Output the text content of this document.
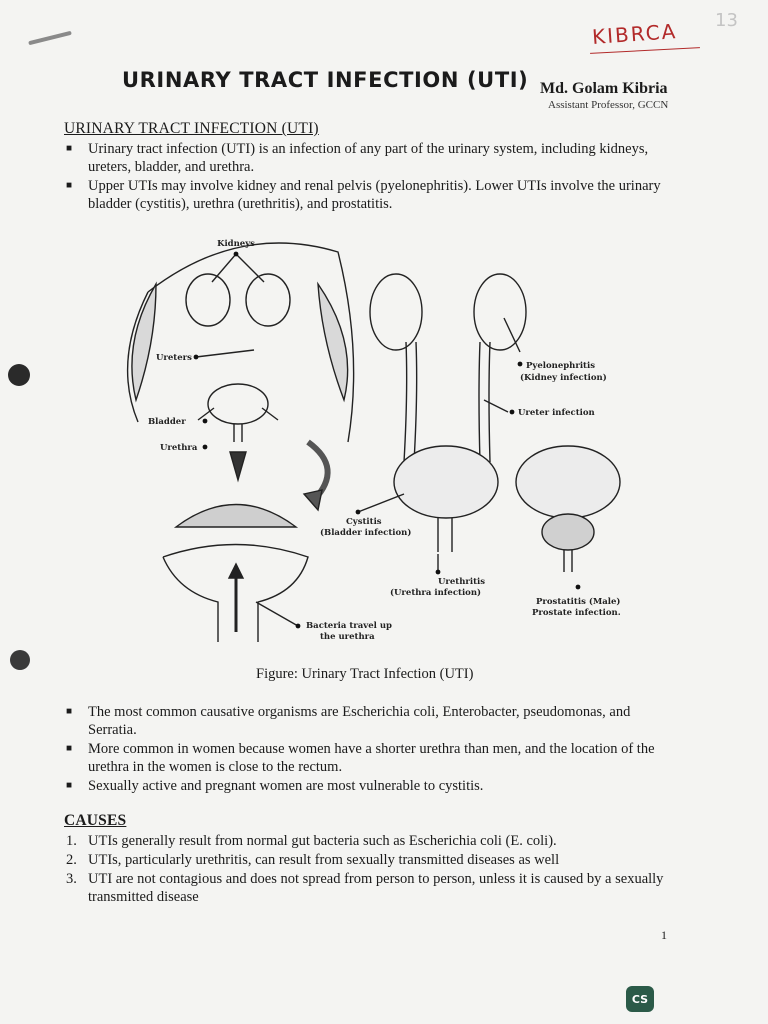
KIBRCA 13
URINARY TRACT INFECTION (UTI) Md. Golam Kibria
Assistant Professor, GCCN
URINARY TRACT INFECTION (UTI)
■ Urinary tract infection (UTI) is an infection of any part of the urinary system, including kidneys, ureters, bladder, and urethra.
■ Upper UTIs may involve kidney and renal pelvis (pyelonephritis). Lower UTIs involve the urinary bladder (cystitis), urethra (urethritis), and prostatitis.
Kidneys
Ureters
Bladder
Urethra
Bacteria travel up
the urethra
Pyelonephritis
(Kidney infection)
Ureter infection
Cystitis
(Bladder infection)
Urethritis
(Urethra infection)
Prostatitis (Male)
Prostate infection.
Figure: Urinary Tract Infection (UTI)
■ The most common causative organisms are Escherichia coli, Enterobacter, pseudomonas, and Serratia.
■ More common in women because women have a shorter urethra than men, and the location of the urethra in the women is close to the rectum.
■ Sexually active and pregnant women are most vulnerable to cystitis.
CAUSES
1. UTIs generally result from normal gut bacteria such as Escherichia coli (E. coli).
2. UTIs, particularly urethritis, can result from sexually transmitted diseases as well
3. UTI are not contagious and does not spread from person to person, unless it is caused by a sexually transmitted disease
1
CS
